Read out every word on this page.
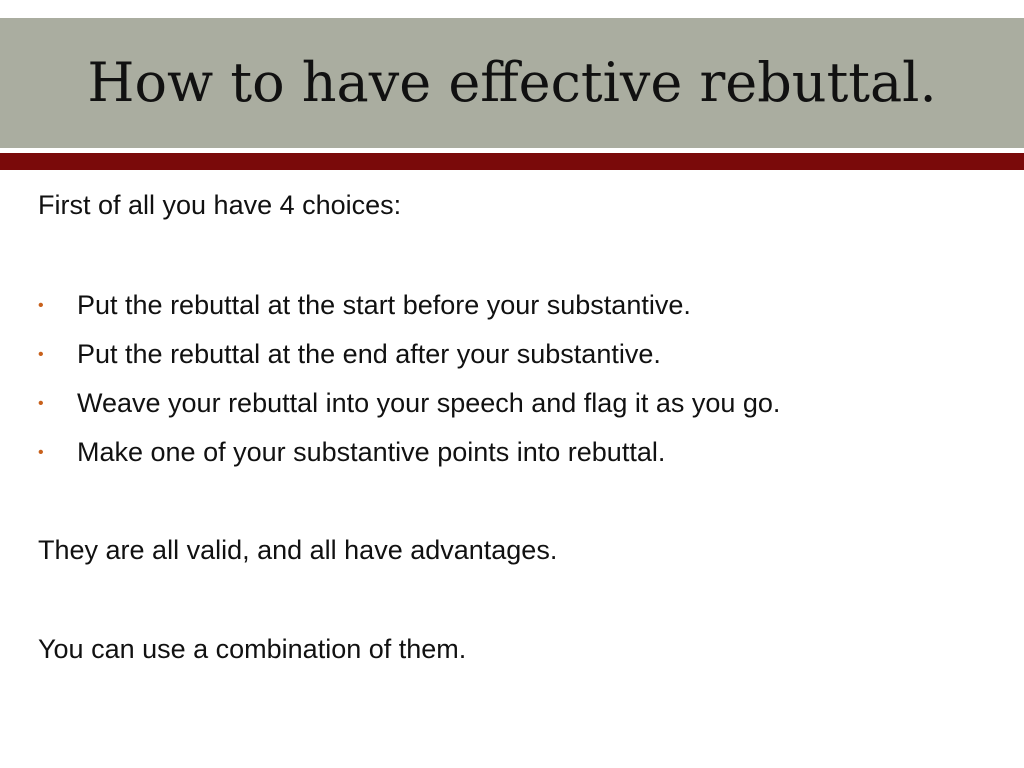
How to have effective rebuttal.

First of all you have 4 choices:

•	Put the rebuttal at the start before your substantive.
•	Put the rebuttal at the end after your substantive.
•	Weave your rebuttal into your speech and flag it as you go.
•	Make one of your substantive points into rebuttal.

They are all valid, and all have advantages.

You can use a combination of them.
